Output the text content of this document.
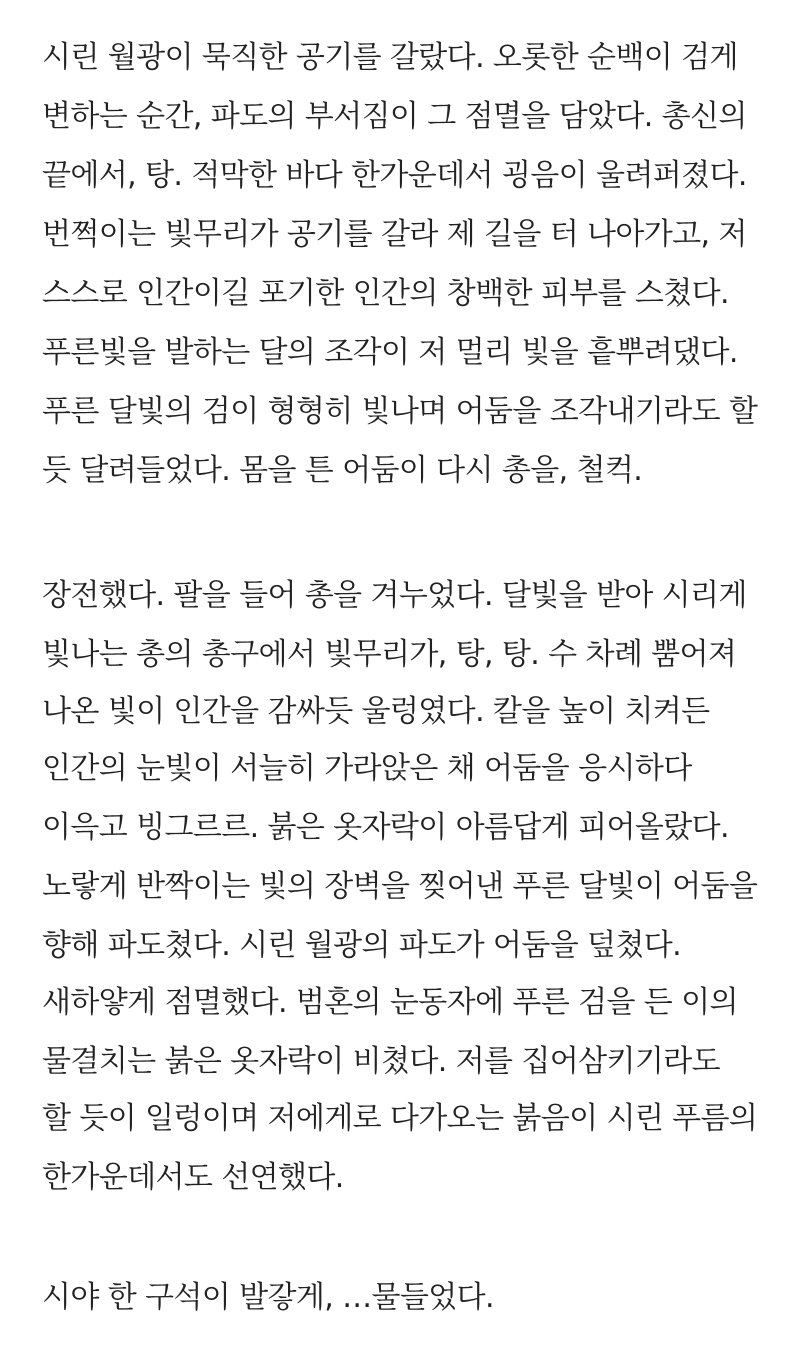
시린 월광이 묵직한 공기를 갈랐다. 오롯한 순백이 검게
변하는 순간, 파도의 부서짐이 그 점멸을 담았다. 총신의
끝에서, 탕. 적막한 바다 한가운데서 굉음이 울려퍼졌다.
번쩍이는 빛무리가 공기를 갈라 제 길을 터 나아가고, 저
스스로 인간이길 포기한 인간의 창백한 피부를 스쳤다.
푸른빛을 발하는 달의 조각이 저 멀리 빛을 흩뿌려댔다.
푸른 달빛의 검이 형형히 빛나며 어둠을 조각내기라도 할
듯 달려들었다. 몸을 튼 어둠이 다시 총을, 철컥.
장전했다. 팔을 들어 총을 겨누었다. 달빛을 받아 시리게
빛나는 총의 총구에서 빛무리가, 탕, 탕. 수 차례 뿜어져
나온 빛이 인간을 감싸듯 울렁였다. 칼을 높이 치켜든
인간의 눈빛이 서늘히 가라앉은 채 어둠을 응시하다
이윽고 빙그르르. 붉은 옷자락이 아름답게 피어올랐다.
노랗게 반짝이는 빛의 장벽을 찢어낸 푸른 달빛이 어둠을
향해 파도쳤다. 시린 월광의 파도가 어둠을 덮쳤다.
새하얗게 점멸했다. 범혼의 눈동자에 푸른 검을 든 이의
물결치는 붉은 옷자락이 비쳤다. 저를 집어삼키기라도
할 듯이 일렁이며 저에게로 다가오는 붉음이 시린 푸름의
한가운데서도 선연했다.
시야 한 구석이 발갛게, …물들었다.
